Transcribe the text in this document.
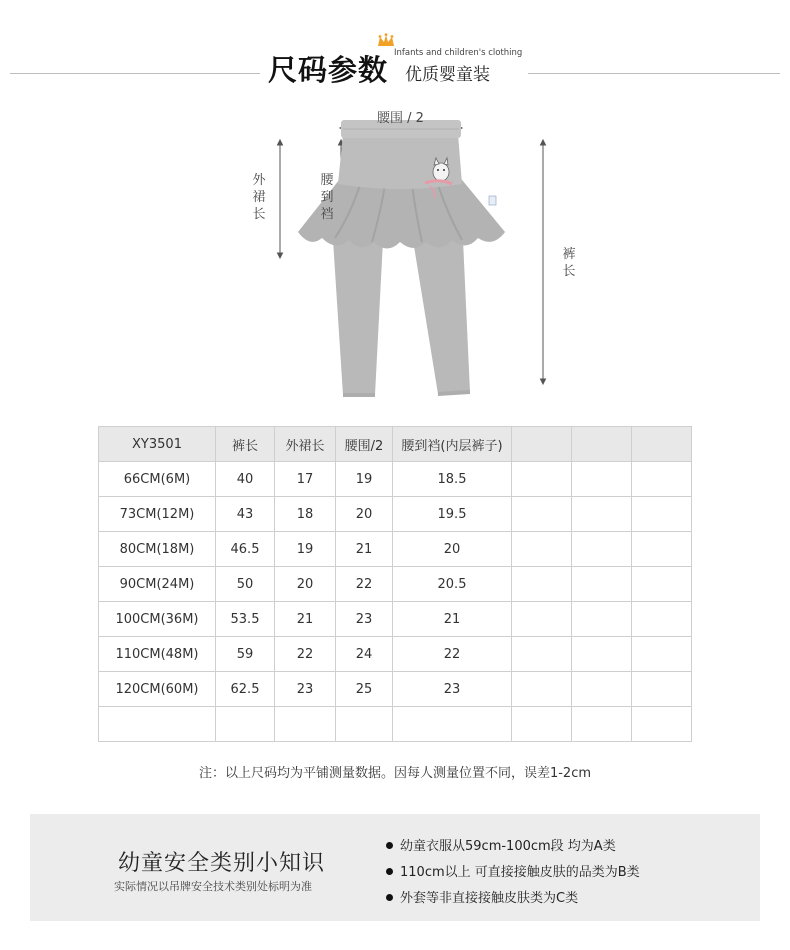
尺码参数 Infants and children's clothing
优质婴童装
腰围 / 2
外裙长
腰到裆
裤长
XY3501	裤长	外裙长	腰围/2	腰到裆(内层裤子)			
66CM(6M)	40	17	19	18.5			
73CM(12M)	43	18	20	19.5			
80CM(18M)	46.5	19	21	20			
90CM(24M)	50	20	22	20.5			
100CM(36M)	53.5	21	23	21			
110CM(48M)	59	22	24	22			
120CM(60M)	62.5	23	25	23			

注：以上尺码均为平铺测量数据。因每人测量位置不同，误差1-2cm
幼童安全类别小知识
实际情况以吊牌安全技术类别处标明为准
幼童衣服从59cm-100cm段 均为A类
110cm以上 可直接接触皮肤的品类为B类
外套等非直接接触皮肤类为C类
